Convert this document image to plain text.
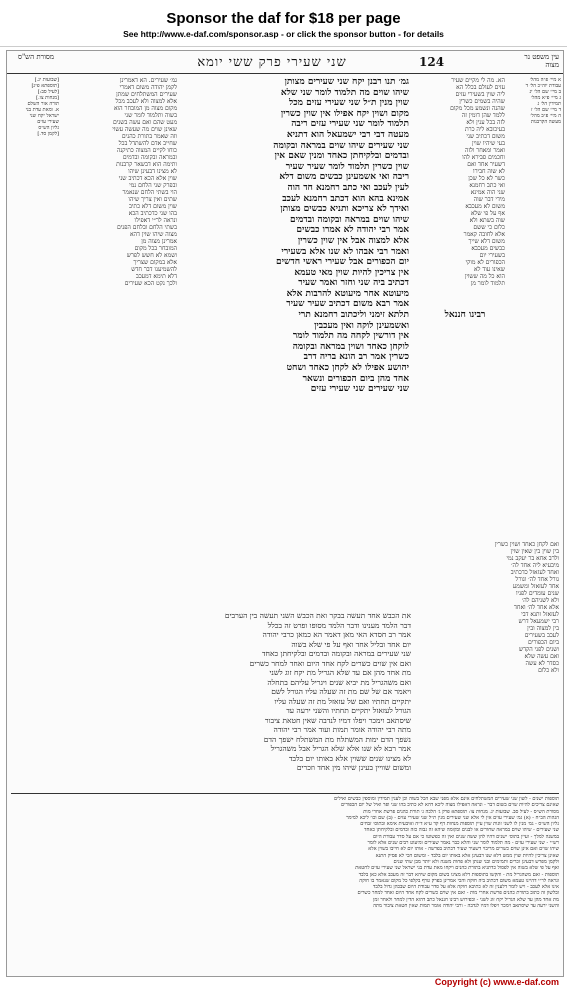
Sponsor the daf for $18 per page
See http://www.e-daf.com/sponsor.asp - or click the sponsor button - for details
מסורת הש"ס	שני שעירי פרק ששי יומא	124	עין משפט נר מצוה
[שבועות יג.]
[תוספתא פ״ג]
[לעיל סב:]
[מנחות צו.]
תורה אור השלם
א. ומאת עדת בני
ישראל יקח שני
שעירי עזים
גליון הש״ס
[לקמן סד.]
גמ׳ שעירים. הא דאמרינן
לקמן יהודה משום דאמרי
שעירים המשתלחים שמתן
אלא למצוה ולא לעכב מכל
מקום מצוה מן המובחר הוא
בשוה ותלמוד לומר שני
מעט שהם ואם עשה בשנים
שאינן שוים מה שעשה עשוי
וזה שאמר בתורת כהנים
שחייב אדם להשתדל בכל
כוחו לקיים המצוה כתיקנה
ובמראה ובקומה ובדמים
ותימה הוא דבשאר קרבנות
לא מצינו דבעינן שיהו
שוין אלא הכא דכתיב שני
ובפרק שני הלחם נמי
הוי בשתי הלחם שנאמר
שתים ואין צריך שיהו
שוין משום דלא כתיב
בהו שני כדכתיב הכא
ונראה לר״י דאפילו
בשתי הלחם ובלחם הפנים
מצוה שיהו שוין דהא
אמרינן מצוה מן
המובחר בכל מקום
ושמא לא חשש לפרש
אלא במקום שצריך
להשמיענו דבר חדש
דלא תימא דמעכב
ולכך נקט הכא שעירים
גמ׳ תנו רבנן יקח שני שעירים מצותן
שיהו שוים מה תלמוד לומר שני שלא
שוין מנין ת״ל שני שעירי עזים מכל
מקום ושוין יקח אפילו אין שוין כשרין
תלמוד לומר שני שעירי עזים ריבה
מעטה דבי רבי ישמעאל הוא דתניא
שני שעירים שיהו שוים במראה ובקומה
ובדמים ובלקיחתן כאחד ומנין שאם אין
שוין כשרין תלמוד לומר שעיר שעיר
ריבה ואי אשמעינן כבשים משום דלא
לעין לעכב ואי כתב רחמנא חד הוה
אמינא בהא הוא דכתב רחמנא לעכב
ואידך לא צריכא ותניא כבשים מצותן
שיהו שוים במראה ובקומה ובדמים
אמר רבי יהודה לא אמרו כבשים
אלא למצוה אבל אין שוין כשרין
ואמר רבי אבהו לא שנו אלא בשעירי
יום הכפורים אבל שעירי ראשי חדשים
אין צריכין להיות שוין מאי טעמא
דכתיב ביה שני וחזר ואמר שעיר
מיעוטא אחר מיעוטא להרבות אלא
אמר רבא משום דכתיב שעיר שעיר
תלתא זימני וליכתוב רחמנא תרי
ואשמעינן לוקה ואין מעכבין
אין דורשין לקחה מה תלמוד לומר
לוקחן כאחד ושוין במראה ובקומה
כשרין אמר רב הונא בריה דרב
יהושע אפילו לא לקחן כאחד ושחט
אחד מהן ביום הכפורים ונשאר
שני שעירים שני שעירי עזים
הא. מה לי מקיים שעיר
עזים לעולם בכלל הא
ליה שוין בשעירי עזים
שהיה בשמים כשרין
שהנה ונשמע מכל מקום
ללמד שהן דומין זה
לזה בכל ענין ולא
בעיכובא ליה כרת
משום דכתיב שני
בעי שיהיו שוין
ואמר ומאחר ולזה
וחכמים סבירא להו
דשעיר אחד ואם
לא שוה חבירו
כשר לא כל שכן
ואי כתב רחמנא
שני הוה אמינא
מידי דבר שוה
משום לא מעכבא
אף על פי שלא
שוה בשתא ולא
כלום כי ששם
אלא לחובה קאמר
משום דלא שייך
כבשים מעכבא
בשעירי יום
הכפורים לא מוקי
שאינו עוד לא
הוא כל מה ששוין
תלמוד לומר מן
א מיי׳ פ״ה מהל׳
עבודת יוה״כ הל׳ ד
ב מיי׳ שם הל׳ יג
ג מיי׳ פ״א מהל׳
תמידין הל׳ ג
ד מיי׳ שם הל׳ ז
ה מיי׳ פ״ב מהל׳
מעשה הקרבנות
רבינו חננאל
את הכבש אחד תעשה בבקר ואת הכבש השני תעשה בין הערבים
דבר הלמד מענינו ודבר הלמד מסופו ופרט זה בכלל
אמר רב חסדא האי מאן דאמר הא כמאן כרבי יהודה
יום אחד ובליל אחד ואף על פי שלא בשוה
שני שעירים במראה ובקומה ובדמים ובלקיחתן כאחד
ואם אין שוים כשרים לקח אחד היום ואחד למחר כשרים
מת אחד מהן אם עד שלא הגריל מת יקח זוג לשני
ואם משהגריל מת יביא שנים ויגריל עליהם בתחלה
ויאמר אם של שם מת זה שעלה עליו הגורל לשם
יתקיים תחתיו ואם של עזאזל מת זה שעלה עליו
הגורל לעזאזל יתקיים תחתיו והשני ירעה עד
שיסתאב וימכר ויפלו דמיו לנדבה שאין חטאת ציבור
מתה רבי יהודה אומר תמות ועוד אמר רבי יהודה
נשפך הדם ימות המשתלח מת המשתלח ישפך הדם
אמר רבא לא שנו אלא שלא הגריל אבל משהגריל
לא מצינו שנים ששוין אלא באותו יום בלבד
ומשום שוויין בעינן שיהו מין אחד וזכרים
ואם לקחן כאחד ושוין כשרין
בין שוין בין שאין שוין
ולרב אחא בר יעקב נמי
מיבעיא ליה אחד לה׳
ואחד לעזאזל כדכתיב
גורל אחד לה׳ וגורל
אחד לעזאזל ומשמע
שנים עומדים לפניו
ולא לשניהם לה׳
אלא אחד לה׳ ואחד
לעזאזל ותנא דבי
רבי ישמעאל דרש
בין למצוה ובין
לעכב בשעירים
ביום הכפורים
ושנים לפני הקדש
ואם עשה שלא
כסדר לא עשה
ולא כלום
תוספות ישנים - לשון שני שעירים המשתלחים אינם אלא מפני שבא הכל בשוה וכן לענין תמידין ומוספין כבשים ואילים
שאינם צריכים להיות שוים בשום דבר - ונראה דאפילו מצוה ליכא דהא לא כתיב בהו שני ופר ואיל של יום הכפורים
מסורת הש״ס - לעיל סב. שבועות יג. מנחות צו: תוספתא פרק ג׳ הלכה ג׳ תורת כהנים פרשת אחרי מות
הגהות הב״ח - (א) גמ׳ שעירי עזים אין לי אלא שני שעירים מנין ת״ל שני שעירי עזים - (ב) שם וכו׳ ליכא למימר
גליון הש״ס - גמ׳ מנין לו לשני זוגות שוין עיין תוספות מנחות דף קד ע״א ד״ה ואיבעית אימא ובתוס׳ זבחים
שני שעירים - שיהו שוים במראה שחורים או לבנים ובקומה שיהא זה גבוה כזה ובדמים ובלקיחתן כאחד
במשנה למלך - ועיין בתוס׳ ישנים דהיו להן ששה שנים ואין זה כפשוטו כי אם על סדר עבודת היום
רש״י - שני שעירי עזים - מה תלמוד לומר שני והלא כבר נאמר שעירים ומיעוט רבים שנים אלא לומר
שיהו שוים ואם אינן שוים כשרים מריבוי דשעיר שעיר דכתיב בפרשה - אותו יום לא חייבו בשוין אלא
שאינן צריכין להיות שוין ממש דלא שנו דבעינן אלא באותו יום בלבד - ומשום הכי לא פסיק התנא
ולקמן מפרש דבעינן זכרים ותמימים ובני שנתן ולא פחות משנה ולא יותר מבן שתי שנים
ואף על פי שלא בשוה אין לפסול כדתניא בתורת כהנים ויקחו מאת עדת בני ישראל שני שעירי עזים לחטאת
תוספות - ואם משהגריל מת - והקשו בתוספות דלא מצינו בשום מקום שיהא דבר זה מעכב אלא כאן בלבד
ונראה לר״י דהיינו טעמא משום דכתיב ביה חוקה והכי אמרינן בפרק טרף בקלפי כל מקום שנאמר בו חוקה
אינו אלא לעכב - ויש לומר דלענין זה לא כתיבא חוקה אלא על סדר עבודת היום שבכהן גדול בלבד
ובלשון זה כתוב בתורת כהנים פרשת אחרי מות - ואם אין שוים כשרים לקח אחד היום ואחד למחר כשרים
מת אחד מהן עד שלא הגריל יקח זוג לשני - ובפירוש רבינו חננאל כתב דהוא הדין למחר ולאחר זמן
והשני ירעה עד שיסתאב וימכר ויפלו דמיו לנדבה - ורבי יהודה אומר תמות שאין חטאת ציבור מתה
Copyright (c) www.e-daf.com
